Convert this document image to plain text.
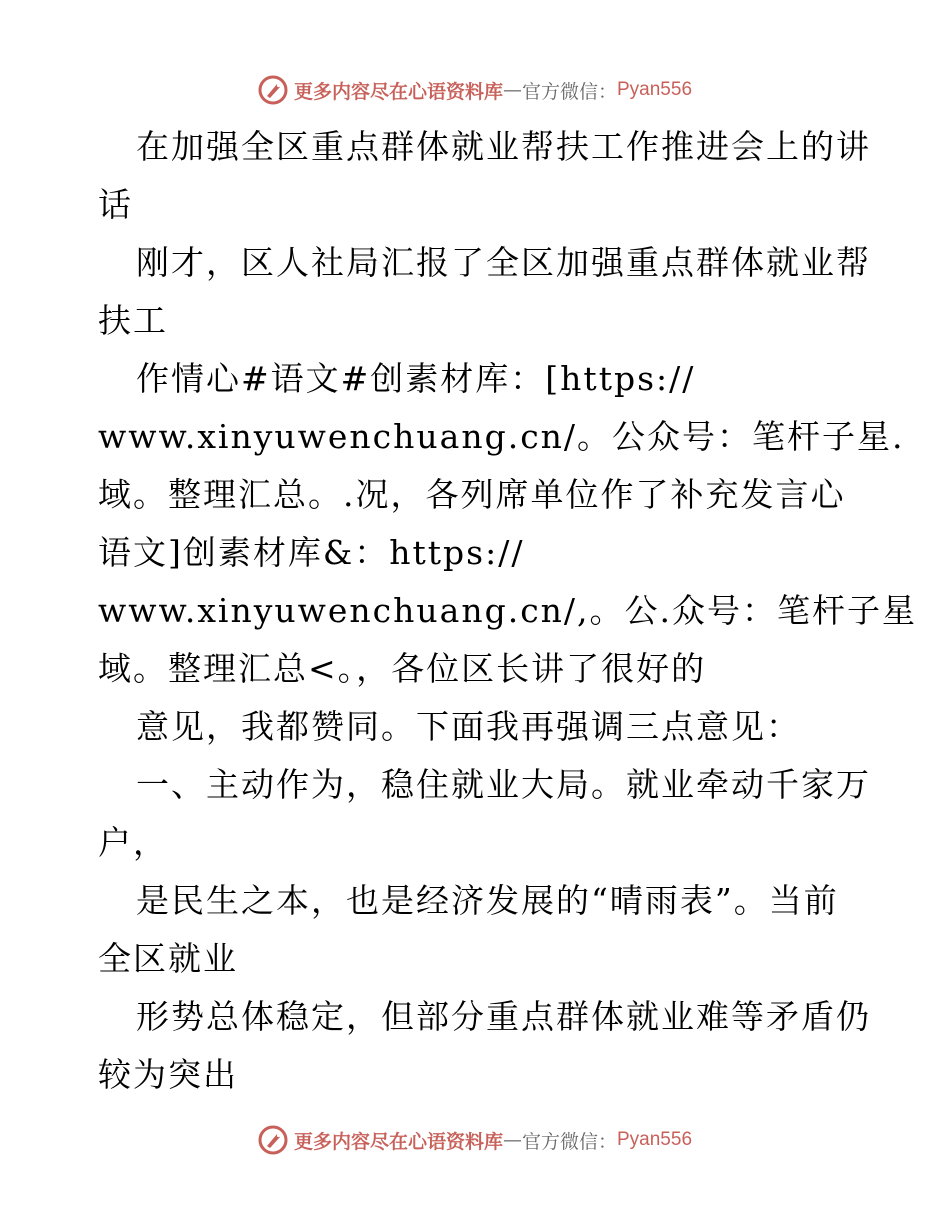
更多内容尽在心语资料库 — 官方微信： Pyan556

在加强全区重点群体就业帮扶工作推进会上的讲

话

刚才，区人社局汇报了全区加强重点群体就业帮

扶工

作情心#语文#创素材库：[https://

www.xinyuwenchuang.cn/。公众号：笔杆子星.

域。整理汇总。.况，各列席单位作了补充发言心

语文]创素材库&：https://

www.xinyuwenchuang.cn/,。公.众号：笔杆子星

域。整理汇总<。，各位区长讲了很好的

意见，我都赞同。下面我再强调三点意见：

一、主动作为，稳住就业大局。就业牵动千家万

户，

是民生之本，也是经济发展的“晴雨表”。当前

全区就业

形势总体稳定，但部分重点群体就业难等矛盾仍

较为突出

更多内容尽在心语资料库 — 官方微信： Pyan556
